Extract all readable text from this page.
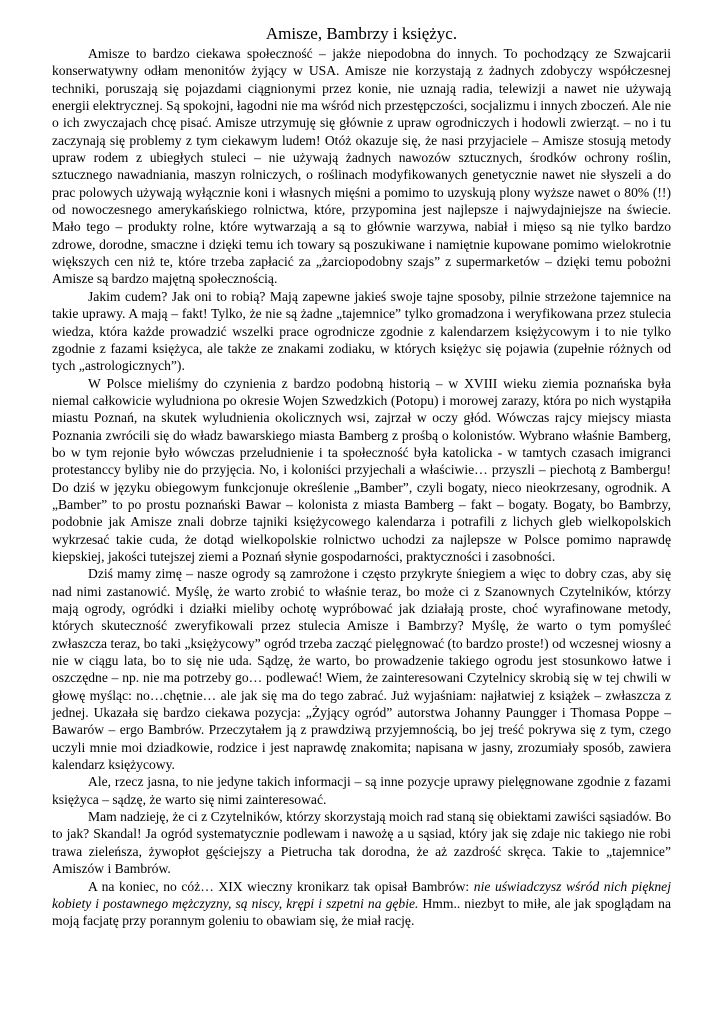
Amisze, Bambrzy i księżyc.

Amisze to bardzo ciekawa społeczność – jakże niepodobna do innych. To pochodzący ze Szwajcarii konserwatywny odłam menonitów żyjący w USA. Amisze nie korzystają z żadnych zdobyczy współczesnej techniki, poruszają się pojazdami ciągnionymi przez konie, nie uznają radia, telewizji a nawet nie używają energii elektrycznej. Są spokojni, łagodni nie ma wśród nich przestępczości, socjalizmu i innych zboczeń. Ale nie o ich zwyczajach chcę pisać. Amisze utrzymuję się głównie z upraw ogrodniczych i hodowli zwierząt. – no i tu zaczynają się problemy z tym ciekawym ludem! Otóż okazuje się, że nasi przyjaciele – Amisze stosują metody upraw rodem z ubiegłych stuleci – nie używają żadnych nawozów sztucznych, środków ochrony roślin, sztucznego nawadniania, maszyn rolniczych, o roślinach modyfikowanych genetycznie nawet nie słyszeli a do prac polowych używają wyłącznie koni i własnych mięśni a pomimo to uzyskują plony wyższe nawet o 80% (!!) od nowoczesnego amerykańskiego rolnictwa, które, przypomina jest najlepsze i najwydajniejsze na świecie. Mało tego – produkty rolne, które wytwarzają a są to głównie warzywa, nabiał i mięso są nie tylko bardzo zdrowe, dorodne, smaczne i dzięki temu ich towary są poszukiwane i namiętnie kupowane pomimo wielokrotnie większych cen niż te, które trzeba zapłacić za „żarciopodobny szajs” z supermarketów – dzięki temu pobożni Amisze są bardzo majętną społecznością.

Jakim cudem? Jak oni to robią? Mają zapewne jakieś swoje tajne sposoby, pilnie strzeżone tajemnice na takie uprawy. A mają – fakt! Tylko, że nie są żadne „tajemnice” tylko gromadzona i weryfikowana przez stulecia wiedza, która każde prowadzić wszelki prace ogrodnicze zgodnie z kalendarzem księżycowym i to nie tylko zgodnie z fazami księżyca, ale także ze znakami zodiaku, w których księżyc się pojawia (zupełnie różnych od tych „astrologicznych”).

W Polsce mieliśmy do czynienia z bardzo podobną historią – w XVIII wieku ziemia poznańska była niemal całkowicie wyludniona po okresie Wojen Szwedzkich (Potopu) i morowej zarazy, która po nich wystąpiła miastu Poznań, na skutek wyludnienia okolicznych wsi, zajrzał w oczy głód. Wówczas rajcy miejscy miasta Poznania zwrócili się do władz bawarskiego miasta Bamberg z prośbą o kolonistów. Wybrano właśnie Bamberg, bo w tym rejonie było wówczas przeludnienie i ta społeczność była katolicka - w tamtych czasach imigranci protestanccy byliby nie do przyjęcia. No, i koloniści przyjechali a właściwie… przyszli – piechotą z Bambergu! Do dziś w języku obiegowym funkcjonuje określenie „Bamber”, czyli bogaty, nieco nieokrzesany, ogrodnik. A „Bamber” to po prostu poznański Bawar – kolonista z miasta Bamberg – fakt – bogaty. Bogaty, bo Bambrzy, podobnie jak Amisze znali dobrze tajniki księżycowego kalendarza i potrafili z lichych gleb wielkopolskich wykrzesać takie cuda, że dotąd wielkopolskie rolnictwo uchodzi za najlepsze w Polsce pomimo naprawdę kiepskiej, jakości tutejszej ziemi a Poznań słynie gospodarności, praktyczności i zasobności.

Dziś mamy zimę – nasze ogrody są zamrożone i często przykryte śniegiem a więc to dobry czas, aby się nad nimi zastanowić. Myślę, że warto zrobić to właśnie teraz, bo może ci z Szanownych Czytelników, którzy mają ogrody, ogródki i działki mieliby ochotę wypróbować jak działają proste, choć wyrafinowane metody, których skuteczność zweryfikowali przez stulecia Amisze i Bambrzy? Myślę, że warto o tym pomyśleć zwłaszcza teraz, bo taki „księżycowy” ogród trzeba zacząć pielęgnować (to bardzo proste!) od wczesnej wiosny a nie w ciągu lata, bo to się nie uda. Sądzę, że warto, bo prowadzenie takiego ogrodu jest stosunkowo łatwe i oszczędne – np. nie ma potrzeby go… podlewać! Wiem, że zainteresowani Czytelnicy skrobią się w tej chwili w głowę myśląc: no…chętnie… ale jak się ma do tego zabrać. Już wyjaśniam: najłatwiej z książek – zwłaszcza z jednej. Ukazała się bardzo ciekawa pozycja: „Żyjący ogród” autorstwa Johanny Paungger i Thomasa Poppe – Bawarów – ergo Bambrów. Przeczytałem ją z prawdziwą przyjemnością, bo jej treść pokrywa się z tym, czego uczyli mnie moi dziadkowie, rodzice i jest naprawdę znakomita; napisana w jasny, zrozumiały sposób, zawiera kalendarz księżycowy.

Ale, rzecz jasna, to nie jedyne takich informacji – są inne pozycje uprawy pielęgnowane zgodnie z fazami księżyca – sądzę, że warto się nimi zainteresować.

Mam nadzieję, że ci z Czytelników, którzy skorzystają moich rad staną się obiektami zawiści sąsiadów. Bo to jak? Skandal! Ja ogród systematycznie podlewam i nawożę a u sąsiad, który jak się zdaje nic takiego nie robi trawa zieleńsza, żywopłot gęściejszy a Pietrucha tak dorodna, że aż zazdrość skręca. Takie to „tajemnice” Amiszów i Bambrów.

A na koniec, no cóż… XIX wieczny kronikarz tak opisał Bambrów: nie uświadczysz wśród nich pięknej kobiety i postawnego mężczyzny, są niscy, krępi i szpetni na gębie. Hmm.. niezbyt to miłe, ale jak spoglądam na moją facjatę przy porannym goleniu to obawiam się, że miał rację.
